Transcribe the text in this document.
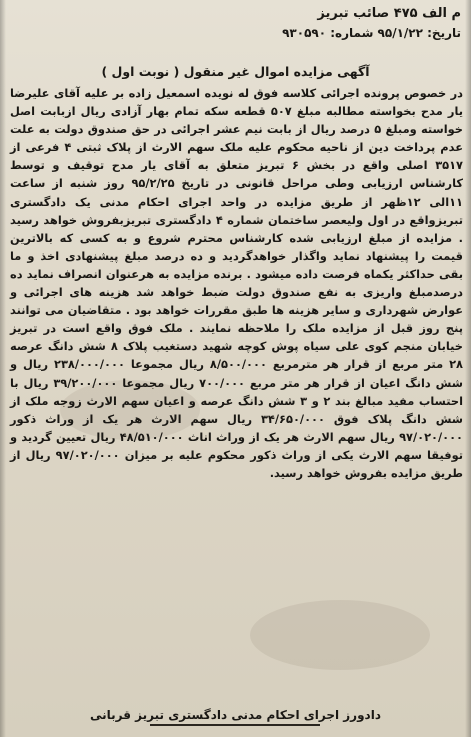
م الف ۴۷۵ صائب تبریز
تاریخ: ۹۵/۱/۲۲ شماره: ۹۳۰۵۹۰
آگهی مزایده اموال غیر منقول ( نوبت اول )

در خصوص پرونده اجرائی کلاسه فوق له نویده اسمعیل زاده بر علیه آقای علیرضا یار مدح بخواسته مطالبه مبلغ ۵۰۷ قطعه سکه تمام بهار آزادی ریال ازبابت اصل خواسته ومبلغ ۵ درصد ریال از بابت نیم عشر اجرائی در حق صندوق دولت به علت عدم پرداخت دین از ناحیه محکوم علیه ملک سهم الارث از پلاک ثبتی ۴ فرعی از ۳۵۱۷ اصلی واقع در بخش ۶ تبریز متعلق به آقای یار مدح توقیف و توسط کارشناس ارزیابی وطی مراحل قانونی در تاریخ ۹۵/۲/۲۵ روز شنبه از ساعت ۱۱الی ۱۲ظهر از طریق مزایده در واحد اجرای احکام مدنی یک دادگستری تبریزواقع در اول ولیعصر ساختمان شماره ۴ دادگستری تبریزبفروش خواهد رسید . مزایده از مبلغ ارزیابی شده کارشناس محترم شروع و به کسی که بالاترین قیمت را پیشنهاد نماید واگذار خواهدگردید و ده درصد مبلغ پیشنهادی اخذ و ما بقی حداکثر یکماه فرصت داده میشود . برنده مزایده به هرعنوان انصراف نماید ده درصدمبلغ واریزی به نفع صندوق دولت ضبط خواهد شد هزینه های اجرائی و عوارض شهرداری و سایر هزینه ها طبق مقررات خواهد بود . متقاضیان می توانند پنج روز قبل از مزایده ملک را ملاحظه نمایند . ملک فوق واقع است در تبریز خیابان منجم کوی علی سیاه پوش کوچه شهید دستغیب پلاک ۸ شش دانگ عرصه ۲۸ متر مربع از قرار هر مترمربع ۸/۵۰۰/۰۰۰ ریال مجموعا ۲۳۸/۰۰۰/۰۰۰ ریال و شش دانگ اعیان از قرار هر متر مربع ۷۰۰/۰۰۰ ریال مجموعا ۳۹/۲۰۰/۰۰۰ ریال با احتساب مفید مبالغ بند ۲ و ۳ شش دانگ عرصه و اعیان سهم الارث زوجه ملک از شش دانگ پلاک فوق ۳۴/۶۵۰/۰۰۰ ریال سهم الارث هر یک از وراث ذکور ۹۷/۰۲۰/۰۰۰ ریال سهم الارث هر یک از وراث اناث ۴۸/۵۱۰/۰۰۰ ریال تعیین گردید و توفیقا سهم الارث یکی از وراث ذکور محکوم علیه بر میزان ۹۷/۰۲۰/۰۰۰ ریال از طریق مزایده بفروش خواهد رسید.

دادورز اجرای احکام مدنی دادگستری تبریز قربانی
